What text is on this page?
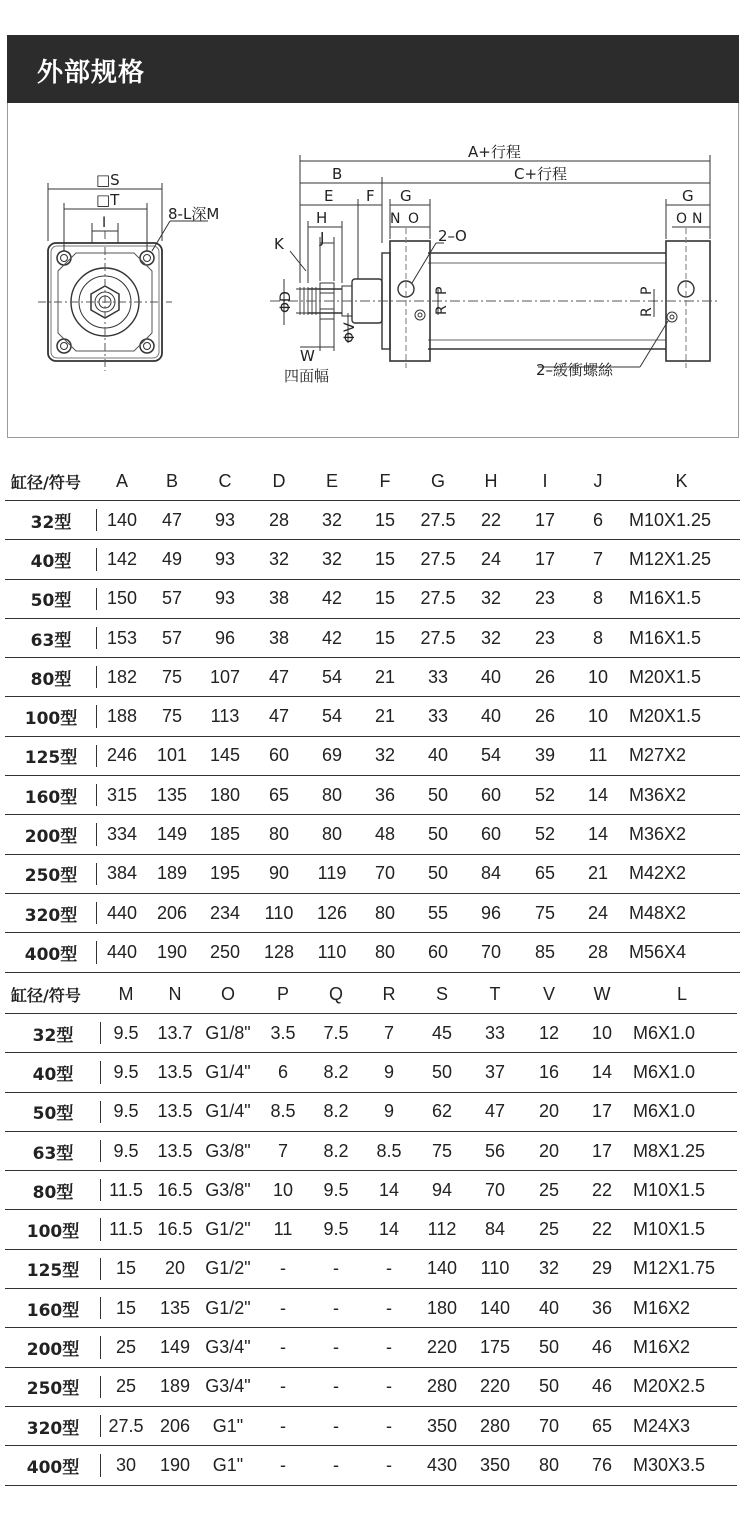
外部规格
□S
□T
I	8-L深M
A+行程
C+行程
B
E F G	G
H
J
K
N O	O N
2–O
P
R
P
R
ΦD
ΦV
W
四面幅	2–緩衝螺絲
缸径/符号	A	B	C	D	E	F	G	H	I	J	K
32型	140	47	93	28	32	15	27.5	22	17	6	M10X1.25
40型	142	49	93	32	32	15	27.5	24	17	7	M12X1.25
50型	150	57	93	38	42	15	27.5	32	23	8	M16X1.5
63型	153	57	96	38	42	15	27.5	32	23	8	M16X1.5
80型	182	75	107	47	54	21	33	40	26	10	M20X1.5
100型	188	75	113	47	54	21	33	40	26	10	M20X1.5
125型	246	101	145	60	69	32	40	54	39	11	M27X2
160型	315	135	180	65	80	36	50	60	52	14	M36X2
200型	334	149	185	80	80	48	50	60	52	14	M36X2
250型	384	189	195	90	119	70	50	84	65	21	M42X2
320型	440	206	234	110	126	80	55	96	75	24	M48X2
400型	440	190	250	128	110	80	60	70	85	28	M56X4
缸径/符号	M	N	O	P	Q	R	S	T	V	W	L
32型	9.5	13.7	G1/8"	3.5	7.5	7	45	33	12	10	M6X1.0
40型	9.5	13.5	G1/4"	6	8.2	9	50	37	16	14	M6X1.0
50型	9.5	13.5	G1/4"	8.5	8.2	9	62	47	20	17	M6X1.0
63型	9.5	13.5	G3/8"	7	8.2	8.5	75	56	20	17	M8X1.25
80型	11.5	16.5	G3/8"	10	9.5	14	94	70	25	22	M10X1.5
100型	11.5	16.5	G1/2"	11	9.5	14	112	84	25	22	M10X1.5
125型	15	20	G1/2"	-	-	-	140	110	32	29	M12X1.75
160型	15	135	G1/2"	-	-	-	180	140	40	36	M16X2
200型	25	149	G3/4"	-	-	-	220	175	50	46	M16X2
250型	25	189	G3/4"	-	-	-	280	220	50	46	M20X2.5
320型	27.5	206	G1"	-	-	-	350	280	70	65	M24X3
400型	30	190	G1"	-	-	-	430	350	80	76	M30X3.5
